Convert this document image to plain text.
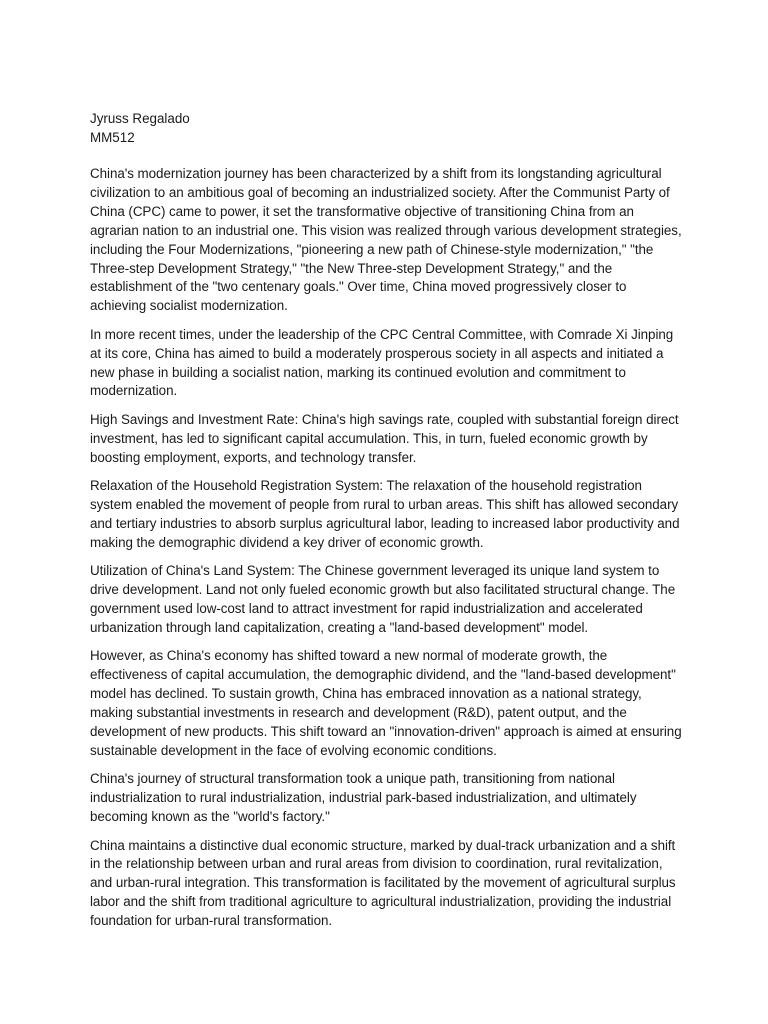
Jyruss Regalado

MM512

China's modernization journey has been characterized by a shift from its longstanding agricultural civilization to an ambitious goal of becoming an industrialized society. After the Communist Party of China (CPC) came to power, it set the transformative objective of transitioning China from an agrarian nation to an industrial one. This vision was realized through various development strategies, including the Four Modernizations, "pioneering a new path of Chinese-style modernization," "the Three-step Development Strategy," "the New Three-step Development Strategy," and the establishment of the "two centenary goals." Over time, China moved progressively closer to achieving socialist modernization.

In more recent times, under the leadership of the CPC Central Committee, with Comrade Xi Jinping at its core, China has aimed to build a moderately prosperous society in all aspects and initiated a new phase in building a socialist nation, marking its continued evolution and commitment to modernization.

High Savings and Investment Rate: China's high savings rate, coupled with substantial foreign direct investment, has led to significant capital accumulation. This, in turn, fueled economic growth by boosting employment, exports, and technology transfer.

Relaxation of the Household Registration System: The relaxation of the household registration system enabled the movement of people from rural to urban areas. This shift has allowed secondary and tertiary industries to absorb surplus agricultural labor, leading to increased labor productivity and making the demographic dividend a key driver of economic growth.

Utilization of China's Land System: The Chinese government leveraged its unique land system to drive development. Land not only fueled economic growth but also facilitated structural change. The government used low-cost land to attract investment for rapid industrialization and accelerated urbanization through land capitalization, creating a "land-based development" model.

However, as China's economy has shifted toward a new normal of moderate growth, the effectiveness of capital accumulation, the demographic dividend, and the "land-based development" model has declined. To sustain growth, China has embraced innovation as a national strategy, making substantial investments in research and development (R&D), patent output, and the development of new products. This shift toward an "innovation-driven" approach is aimed at ensuring sustainable development in the face of evolving economic conditions.

China's journey of structural transformation took a unique path, transitioning from national industrialization to rural industrialization, industrial park-based industrialization, and ultimately becoming known as the "world's factory."

China maintains a distinctive dual economic structure, marked by dual-track urbanization and a shift in the relationship between urban and rural areas from division to coordination, rural revitalization, and urban-rural integration. This transformation is facilitated by the movement of agricultural surplus labor and the shift from traditional agriculture to agricultural industrialization, providing the industrial foundation for urban-rural transformation.
